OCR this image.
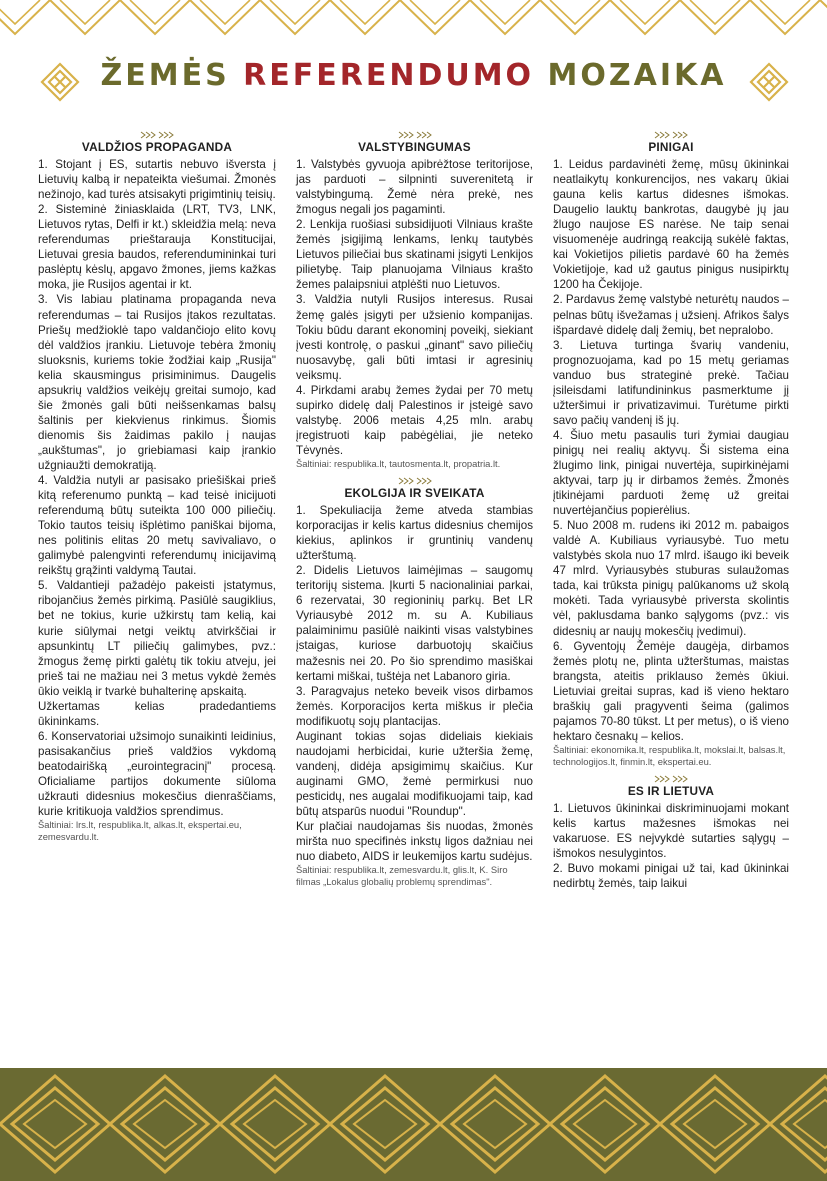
ŽEMĖS REFERENDUMO MOZAIKA
VALDŽIOS PROPAGANDA

1. Stojant į ES, sutartis nebuvo išversta į Lietuvių kalbą ir nepateikta viešumai. Žmonės nežinojo, kad turės atsisakyti prigimtinių teisių.

2. Sisteminė žiniasklaida (LRT, TV3, LNK, Lietuvos rytas, Delfi ir kt.) skleidžia melą: neva referendumas prieštarauja Konstitucijai, Lietuvai gresia baudos, referendumininkai turi paslėptų kėslų, apgavo žmones, jiems kažkas moka, jie Rusijos agentai ir kt.

3. Vis labiau platinama propaganda neva referendumas – tai Rusijos įtakos rezultatas. Priešų medžioklė tapo valdančiojo elito kovų dėl valdžios įrankiu. Lietuvoje tebėra žmonių sluoksnis, kuriems tokie žodžiai kaip „Rusija" kelia skausmingus prisiminimus. Daugelis apsukrių valdžios veikėjų greitai sumojo, kad šie žmonės gali būti neišsenkamas balsų šaltinis per kiekvienus rinkimus. Šiomis dienomis šis žaidimas pakilo į naujas „aukštumas", jo griebiamasi kaip įrankio užgniaužti demokratiją.

4. Valdžia nutyli ar pasisako priešiškai prieš kitą referenumo punktą – kad teisė inicijuoti referendumą būtų suteikta 100 000 piliečių. Tokio tautos teisių išplėtimo paniškai bijoma, nes politinis elitas 20 metų savivaliavo, o galimybė palengvinti referendumų inicijavimą reikštų grąžinti valdymą Tautai.

5. Valdantieji pažadėjo pakeisti įstatymus, ribojančius žemės pirkimą. Pasiūlė saugiklius, bet ne tokius, kurie užkirstų tam kelią, kai kurie siūlymai netgi veiktų atvirkščiai ir apsunkintų LT piliečių galimybes, pvz.: žmogus žemę pirkti galėtų tik tokiu atveju, jei prieš tai ne mažiau nei 3 metus vykdė žemės ūkio veiklą ir tvarkė buhalterinę apskaitą.

Užkertamas kelias pradedantiems ūkininkams.

6. Konservatoriai užsimojo sunaikinti leidinius, pasisakančius prieš valdžios vykdomą beatodairišką „eurointegracinį" procesą. Oficialiame partijos dokumente siūloma užkrauti didesnius mokesčius dienraščiams, kurie kritikuoja valdžios sprendimus.

Šaltiniai: lrs.lt, respublika.lt, alkas.lt, ekspertai.eu, zemesvardu.lt.

VALSTYBINGUMAS

1. Valstybės gyvuoja apibrėžtose teritorijose, jas parduoti – silpninti suverenitetą ir valstybingumą. Žemė nėra prekė, nes žmogus negali jos pagaminti.

2. Lenkija ruošiasi subsidijuoti Vilniaus krašte žemės įsigijimą lenkams, lenkų tautybės Lietuvos piliečiai bus skatinami įsigyti Lenkijos pilietybę. Taip planuojama Vilniaus krašto žemes palaipsniui atplėšti nuo Lietuvos.

3. Valdžia nutyli Rusijos interesus. Rusai žemę galės įsigyti per užsienio kompanijas. Tokiu būdu darant ekonominį poveikį, siekiant įvesti kontrolę, o paskui „ginant" savo piliečių nuosavybę, gali būti imtasi ir agresinių veiksmų.

4. Pirkdami arabų žemes žydai per 70 metų supirko didelę dalį Palestinos ir įsteigė savo valstybę. 2006 metais 4,25 mln. arabų įregistruoti kaip pabėgėliai, jie neteko Tėvynės.

Šaltiniai: respublika.lt, tautosmenta.lt, propatria.lt.

EKOLGIJA IR SVEIKATA

1. Spekuliacija žeme atveda stambias korporacijas ir kelis kartus didesnius chemijos kiekius, aplinkos ir gruntinių vandenų užterštumą.

2. Didelis Lietuvos laimėjimas – saugomų teritorijų sistema. Įkurti 5 nacionaliniai parkai, 6 rezervatai, 30 regioninių parkų. Bet LR Vyriausybė 2012 m. su A. Kubiliaus palaiminimu pasiūlė naikinti visas valstybines įstaigas, kuriose darbuotojų skaičius mažesnis nei 20. Po šio sprendimo masiškai kertami miškai, tuštėja net Labanoro giria.

3. Paragvajus neteko beveik visos dirbamos žemės. Korporacijos kerta miškus ir plečia modifikuotų sojų plantacijas.

Auginant tokias sojas dideliais kiekiais naudojami herbicidai, kurie užteršia žemę, vandenį, didėja apsigimimų skaičius. Kur auginami GMO, žemė permirkusi nuo pesticidų, nes augalai modifikuojami taip, kad būtų atsparūs nuodui "Roundup".

Kur plačiai naudojamas šis nuodas, žmonės miršta nuo specifinės inkstų ligos dažniau nei nuo diabeto, AIDS ir leukemijos kartu sudėjus.

Šaltiniai: respublika.lt, zemesvardu.lt, glis.lt, K. Siro filmas „Lokalus globalių problemų sprendimas".

PINIGAI

1. Leidus pardavinėti žemę, mūsų ūkininkai neatlaikytų konkurencijos, nes vakarų ūkiai gauna kelis kartus didesnes išmokas. Daugelio lauktų bankrotas, daugybė jų jau žlugo naujose ES narėse. Ne taip senai visuomenėje audringą reakciją sukėlė faktas, kai Vokietijos pilietis pardavė 60 ha žemės Vokietijoje, kad už gautus pinigus nusipirktų 1200 ha Čekijoje.

2. Pardavus žemę valstybė neturėtų naudos – pelnas būtų išvežamas į užsienį. Afrikos šalys išpardavė didelę dalį žemių, bet nepralobo.

3. Lietuva turtinga švarių vandeniu, prognozuojama, kad po 15 metų geriamas vanduo bus strateginė prekė. Tačiau įsileisdami latifundininkus pasmerktume jį užteršimui ir privatizavimui. Turėtume pirkti savo pačių vandenį iš jų.

4. Šiuo metu pasaulis turi žymiai daugiau pinigų nei realių aktyvų. Ši sistema eina žlugimo link, pinigai nuvertėja, supirkinėjami aktyvai, tarp jų ir dirbamos žemės. Žmonės įtikinėjami parduoti žemę už greitai nuvertėjančius popierėlius.

5. Nuo 2008 m. rudens iki 2012 m. pabaigos valdė A. Kubiliaus vyriausybė. Tuo metu valstybės skola nuo 17 mlrd. išaugo iki beveik 47 mlrd. Vyriausybės stuburas sulaužomas tada, kai trūksta pinigų palūkanoms už skolą mokėti. Tada vyriausybė priversta skolintis vėl, paklusdama banko sąlygoms (pvz.: vis didesnių ar naujų mokesčių įvedimui).

6. Gyventojų Žemėje daugėja, dirbamos žemės plotų ne, plinta užterštumas, maistas brangsta, ateitis priklauso žemės ūkiui. Lietuviai greitai supras, kad iš vieno hektaro braškių gali pragyventi šeima (galimos pajamos 70-80 tūkst. Lt per metus), o iš vieno hektaro česnakų – kelios.

Šaltiniai: ekonomika.lt, respublika.lt, mokslai.lt, balsas.lt, technologijos.lt, finmin.lt, ekspertai.eu.

ES IR LIETUVA

1. Lietuvos ūkininkai diskriminuojami mokant kelis kartus mažesnes išmokas nei vakaruose. ES nejvykdė sutarties sąlygų – išmokos nesulygintos.

2. Buvo mokami pinigai už tai, kad ūkininkai nedirbtų žemės, taip laikui
